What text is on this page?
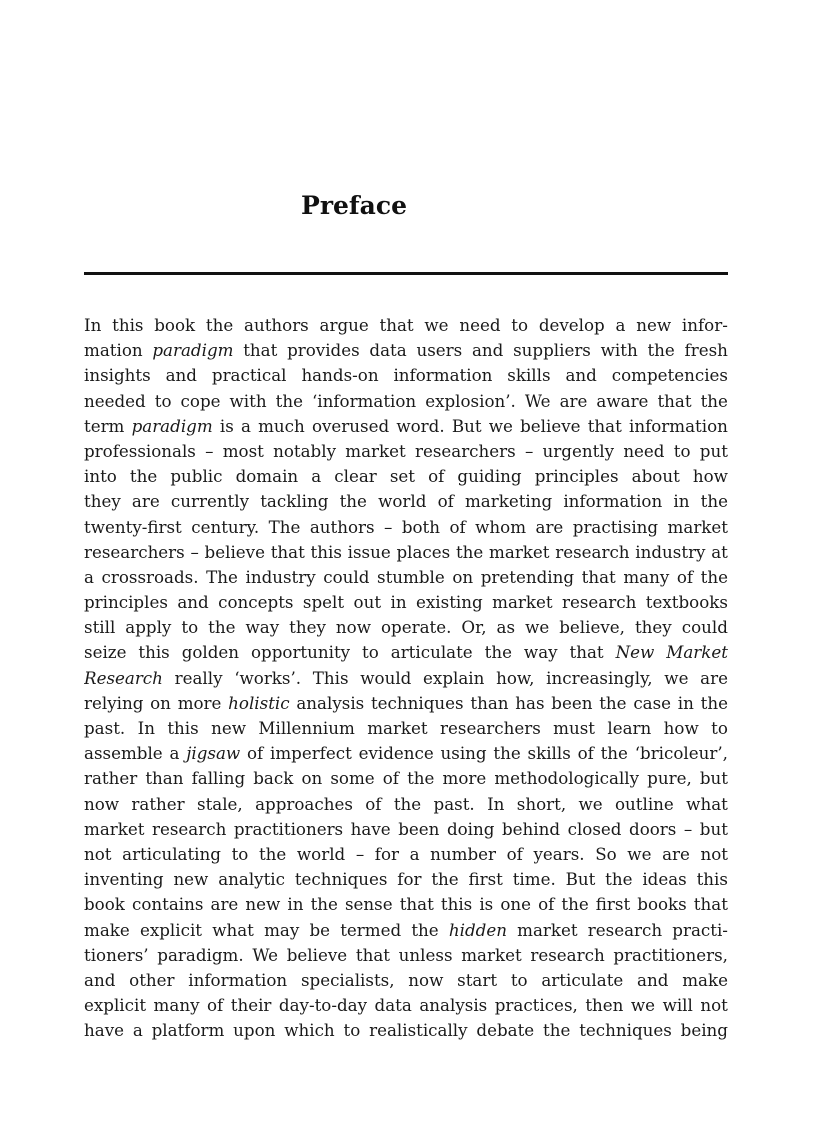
Preface
In this book the authors argue that we need to develop a new infor-
mation paradigm that provides data users and suppliers with the fresh
insights and practical hands-on information skills and competencies
needed to cope with the ‘information explosion’. We are aware that the
term paradigm is a much overused word. But we believe that information
professionals – most notably market researchers – urgently need to put
into the public domain a clear set of guiding principles about how
they are currently tackling the world of marketing information in the
twenty-first century. The authors – both of whom are practising market
researchers – believe that this issue places the market research industry at
a crossroads. The industry could stumble on pretending that many of the
principles and concepts spelt out in existing market research textbooks
still apply to the way they now operate. Or, as we believe, they could
seize this golden opportunity to articulate the way that New Market
Research really ‘works’. This would explain how, increasingly, we are
relying on more holistic analysis techniques than has been the case in the
past. In this new Millennium market researchers must learn how to
assemble a jigsaw of imperfect evidence using the skills of the ‘bricoleur’,
rather than falling back on some of the more methodologically pure, but
now rather stale, approaches of the past. In short, we outline what
market research practitioners have been doing behind closed doors – but
not articulating to the world – for a number of years. So we are not
inventing new analytic techniques for the first time. But the ideas this
book contains are new in the sense that this is one of the first books that
make explicit what may be termed the hidden market research practi-
tioners’ paradigm. We believe that unless market research practitioners,
and other information specialists, now start to articulate and make
explicit many of their day-to-day data analysis practices, then we will not
have a platform upon which to realistically debate the techniques being
